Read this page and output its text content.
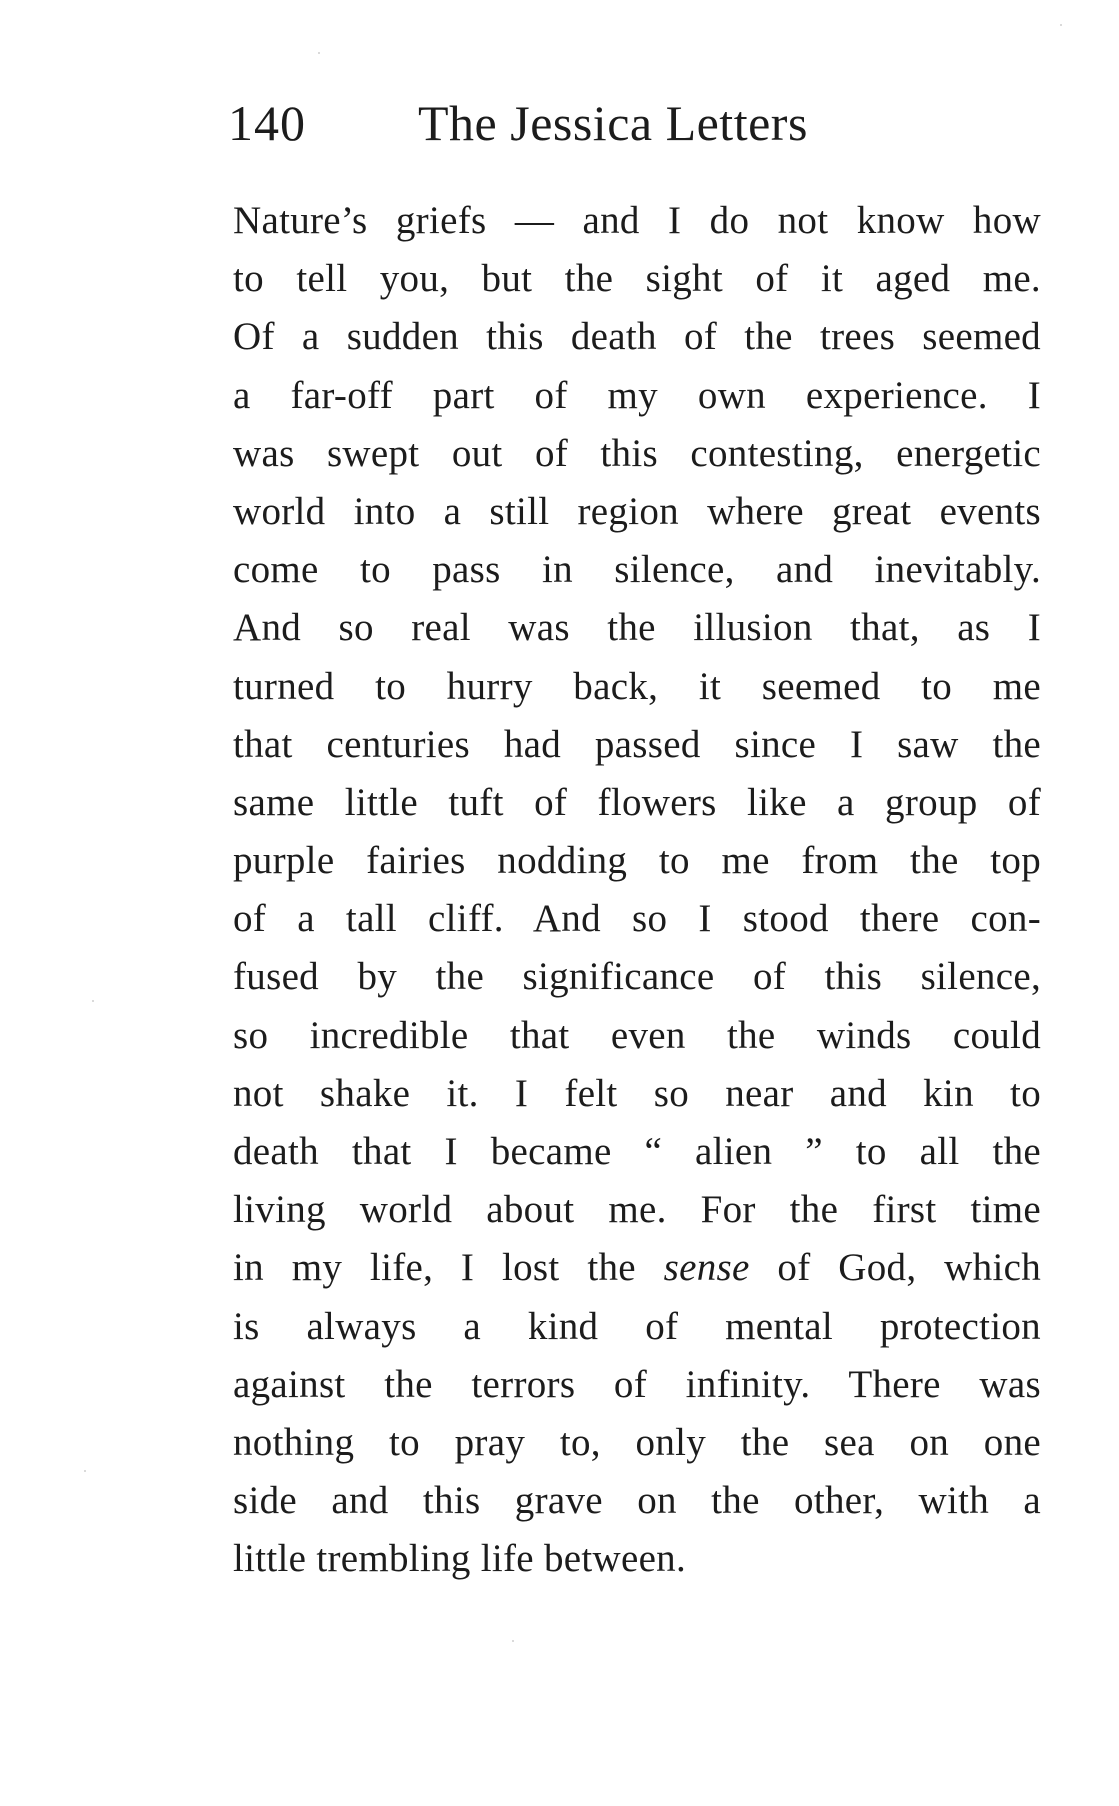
140 The Jessica Letters
Nature’s griefs — and I do not know how
to tell you, but the sight of it aged me.
Of a sudden this death of the trees seemed
a far-off part of my own experience. I
was swept out of this contesting, energetic
world into a still region where great events
come to pass in silence, and inevitably.
And so real was the illusion that, as I
turned to hurry back, it seemed to me
that centuries had passed since I saw the
same little tuft of flowers like a group of
purple fairies nodding to me from the top
of a tall cliff. And so I stood there con-
fused by the significance of this silence,
so incredible that even the winds could
not shake it. I felt so near and kin to
death that I became “ alien ” to all the
living world about me. For the first time
in my life, I lost the sense of God, which
is always a kind of mental protection
against the terrors of infinity. There was
nothing to pray to, only the sea on one
side and this grave on the other, with a
little trembling life between.
